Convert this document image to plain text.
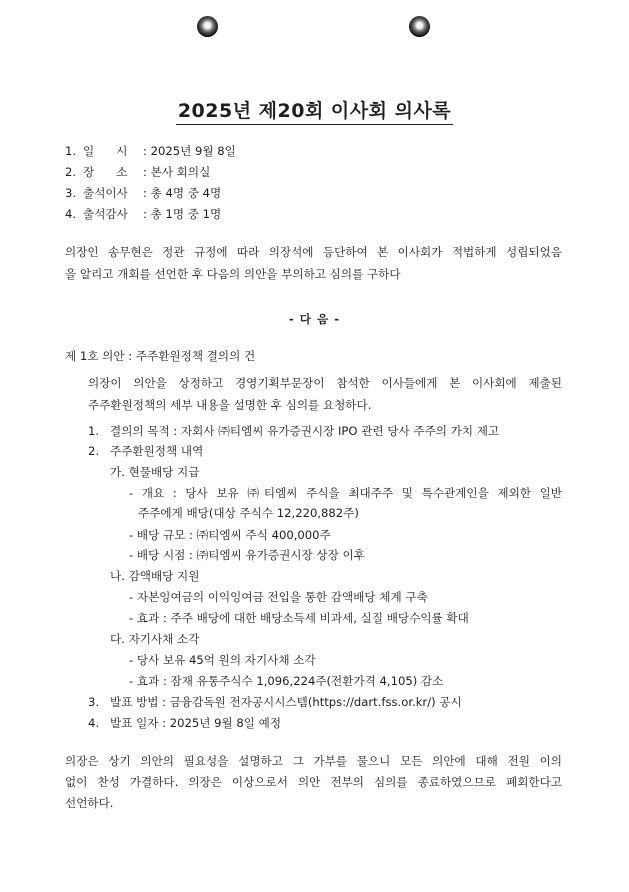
2025년 제20회 이사회 의사록
1. 일      시 : 2025년 9월 8일
2. 장      소 : 본사 회의실
3. 출석이사 : 총 4명 중 4명
4. 출석감사 : 총 1명 중 1명
의장인 송무현은 정관 규정에 따라 의장석에 등단하여 본 이사회가 적법하게 성립되었음
을 알리고 개회를 선언한 후 다음의 의안을 부의하고 심의를 구하다
- 다 음 -
제 1호 의안 : 주주환원정책 결의의 건
의장이 의안을 상정하고 경영기획부문장이 참석한 이사들에게 본 이사회에 제출된
주주환원정책의 세부 내용을 설명한 후 심의를 요청하다.
1. 결의의 목적 : 자회사 ㈜티엠씨 유가증권시장 IPO 관련 당사 주주의 가치 제고
2. 주주환원정책 내역
가. 현물배당 지급
- 개요 : 당사 보유 ㈜티엠씨 주식을 최대주주 및 특수관계인을 제외한 일반
주주에게 배당(대상 주식수 12,220,882주)
- 배당 규모 : ㈜티엠씨 주식 400,000주
- 배당 시점 : ㈜티엠씨 유가증권시장 상장 이후
나. 감액배당 지원
- 자본잉여금의 이익잉여금 전입을 통한 감액배당 체계 구축
- 효과 : 주주 배당에 대한 배당소득세 비과세, 실질 배당수익률 확대
다. 자기사채 소각
- 당사 보유 45억 원의 자기사채 소각
- 효과 : 잠재 유통주식수 1,096,224주(전환가격 4,105) 감소
3. 발표 방법 : 금융감독원 전자공시시스템(https://dart.fss.or.kr/) 공시
4. 발표 일자 : 2025년 9월 8일 예정
의장은 상기 의안의 필요성을 설명하고 그 가부를 물으니 모든 의안에 대해 전원 이의
없이 찬성 가결하다. 의장은 이상으로서 의안 전부의 심의를 종료하였으므로 폐회한다고
선언하다.
